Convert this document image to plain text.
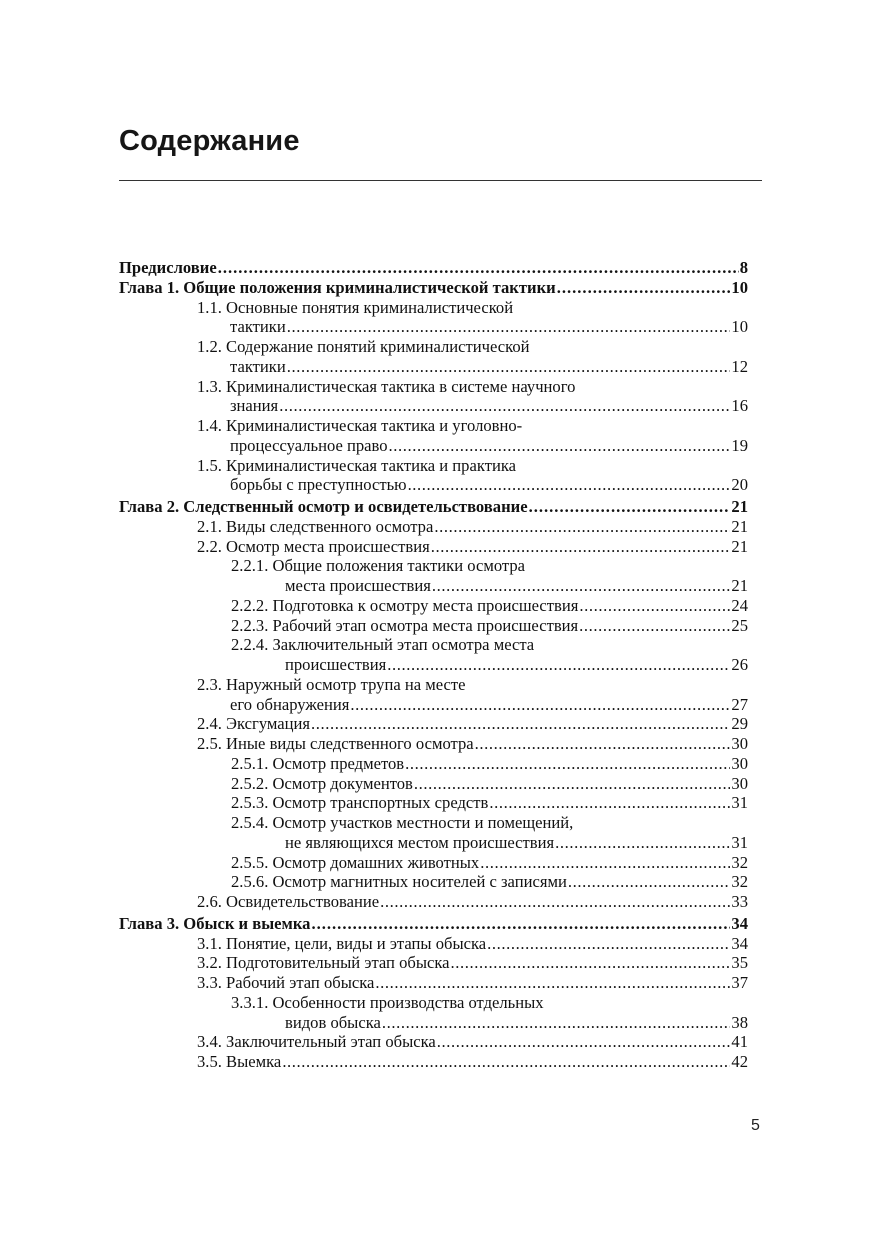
Содержание
Предисловие .....	8
Глава 1. Общие положения криминалистической тактики .....	10
1.1. Основные понятия криминалистической
тактики .....	10
1.2. Содержание понятий криминалистической
тактики .....	12
1.3. Криминалистическая тактика в системе научного
знания .....	16
1.4. Криминалистическая тактика и уголовно-
процессуальное право .....	19
1.5. Криминалистическая тактика и практика
борьбы с преступностью .....	20
Глава 2. Следственный осмотр и освидетельствование .....	21
2.1. Виды следственного осмотра .....	21
2.2. Осмотр места происшествия .....	21
2.2.1. Общие положения тактики осмотра
места происшествия .....	21
2.2.2. Подготовка к осмотру места происшествия .....	24
2.2.3. Рабочий этап осмотра места происшествия .....	25
2.2.4. Заключительный этап осмотра места
происшествия .....	26
2.3. Наружный осмотр трупа на месте
его обнаружения .....	27
2.4. Эксгумация .....	29
2.5. Иные виды следственного осмотра .....	30
2.5.1. Осмотр предметов .....	30
2.5.2. Осмотр документов .....	30
2.5.3. Осмотр транспортных средств .....	31
2.5.4. Осмотр участков местности и помещений,
не являющихся местом происшествия .....	31
2.5.5. Осмотр домашних животных .....	32
2.5.6. Осмотр магнитных носителей с записями .....	32
2.6. Освидетельствование .....	33
Глава 3. Обыск и выемка .....	34
3.1. Понятие, цели, виды и этапы обыска .....	34
3.2. Подготовительный этап обыска .....	35
3.3. Рабочий этап обыска .....	37
3.3.1. Особенности производства отдельных
видов обыска .....	38
3.4. Заключительный этап обыска .....	41
3.5. Выемка .....	42
5
